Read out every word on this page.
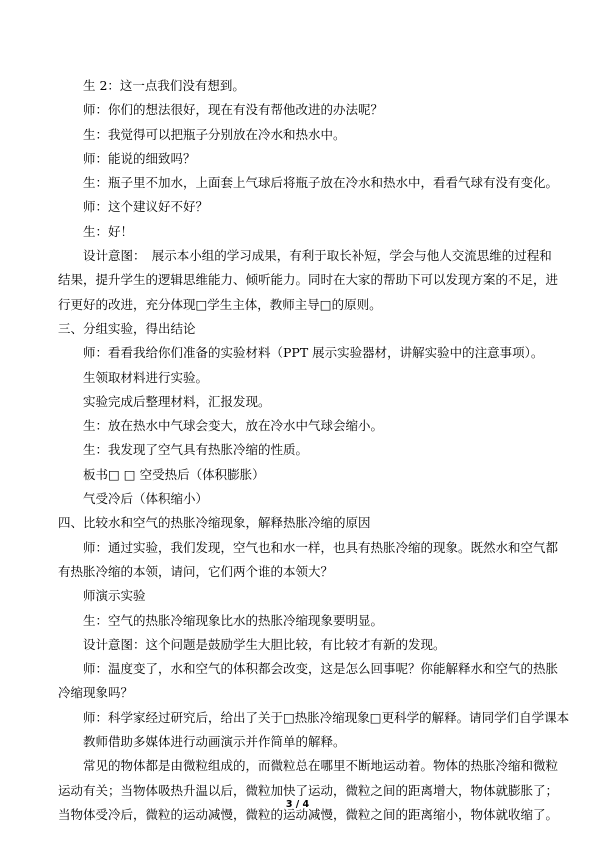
生 2：这一点我们没有想到。
师：你们的想法很好，现在有没有帮他改进的办法呢？
生：我觉得可以把瓶子分别放在冷水和热水中。
师：能说的细致吗？
生：瓶子里不加水，上面套上气球后将瓶子放在冷水和热水中，看看气球有没有变化。
师：这个建议好不好？
生：好！
设计意图：　展示本小组的学习成果，有利于取长补短，学会与他人交流思维的过程和
结果，提升学生的逻辑思维能力、倾听能力。同时在大家的帮助下可以发现方案的不足，进
行更好的改进，充分体现□学生主体，教师主导□的原则。
三、分组实验，得出结论
师：看看我给你们准备的实验材料（PPT 展示实验器材，讲解实验中的注意事项）。
生领取材料进行实验。
实验完成后整理材料，汇报发现。
生：放在热水中气球会变大，放在冷水中气球会缩小。
生：我发现了空气具有热胀冷缩的性质。
板书□ □ 空受热后（体积膨胀）
气受冷后（体积缩小）
四、比较水和空气的热胀冷缩现象，解释热胀冷缩的原因
师：通过实验，我们发现，空气也和水一样，也具有热胀冷缩的现象。既然水和空气都
有热胀冷缩的本领，请问，它们两个谁的本领大？
师演示实验
生：空气的热胀冷缩现象比水的热胀冷缩现象要明显。
设计意图：这个问题是鼓励学生大胆比较，有比较才有新的发现。
师：温度变了，水和空气的体积都会改变，这是怎么回事呢？你能解释水和空气的热胀
冷缩现象吗？
师：科学家经过研究后，给出了关于□热胀冷缩现象□更科学的解释。请同学们自学课本
教师借助多媒体进行动画演示并作简单的解释。
常见的物体都是由微粒组成的，而微粒总在哪里不断地运动着。物体的热胀冷缩和微粒
运动有关；当物体吸热升温以后，微粒加快了运动，微粒之间的距离增大，物体就膨胀了；
当物体受冷后，微粒的运动减慢，微粒的运动减慢，微粒之间的距离缩小，物体就收缩了。
3 / 4
